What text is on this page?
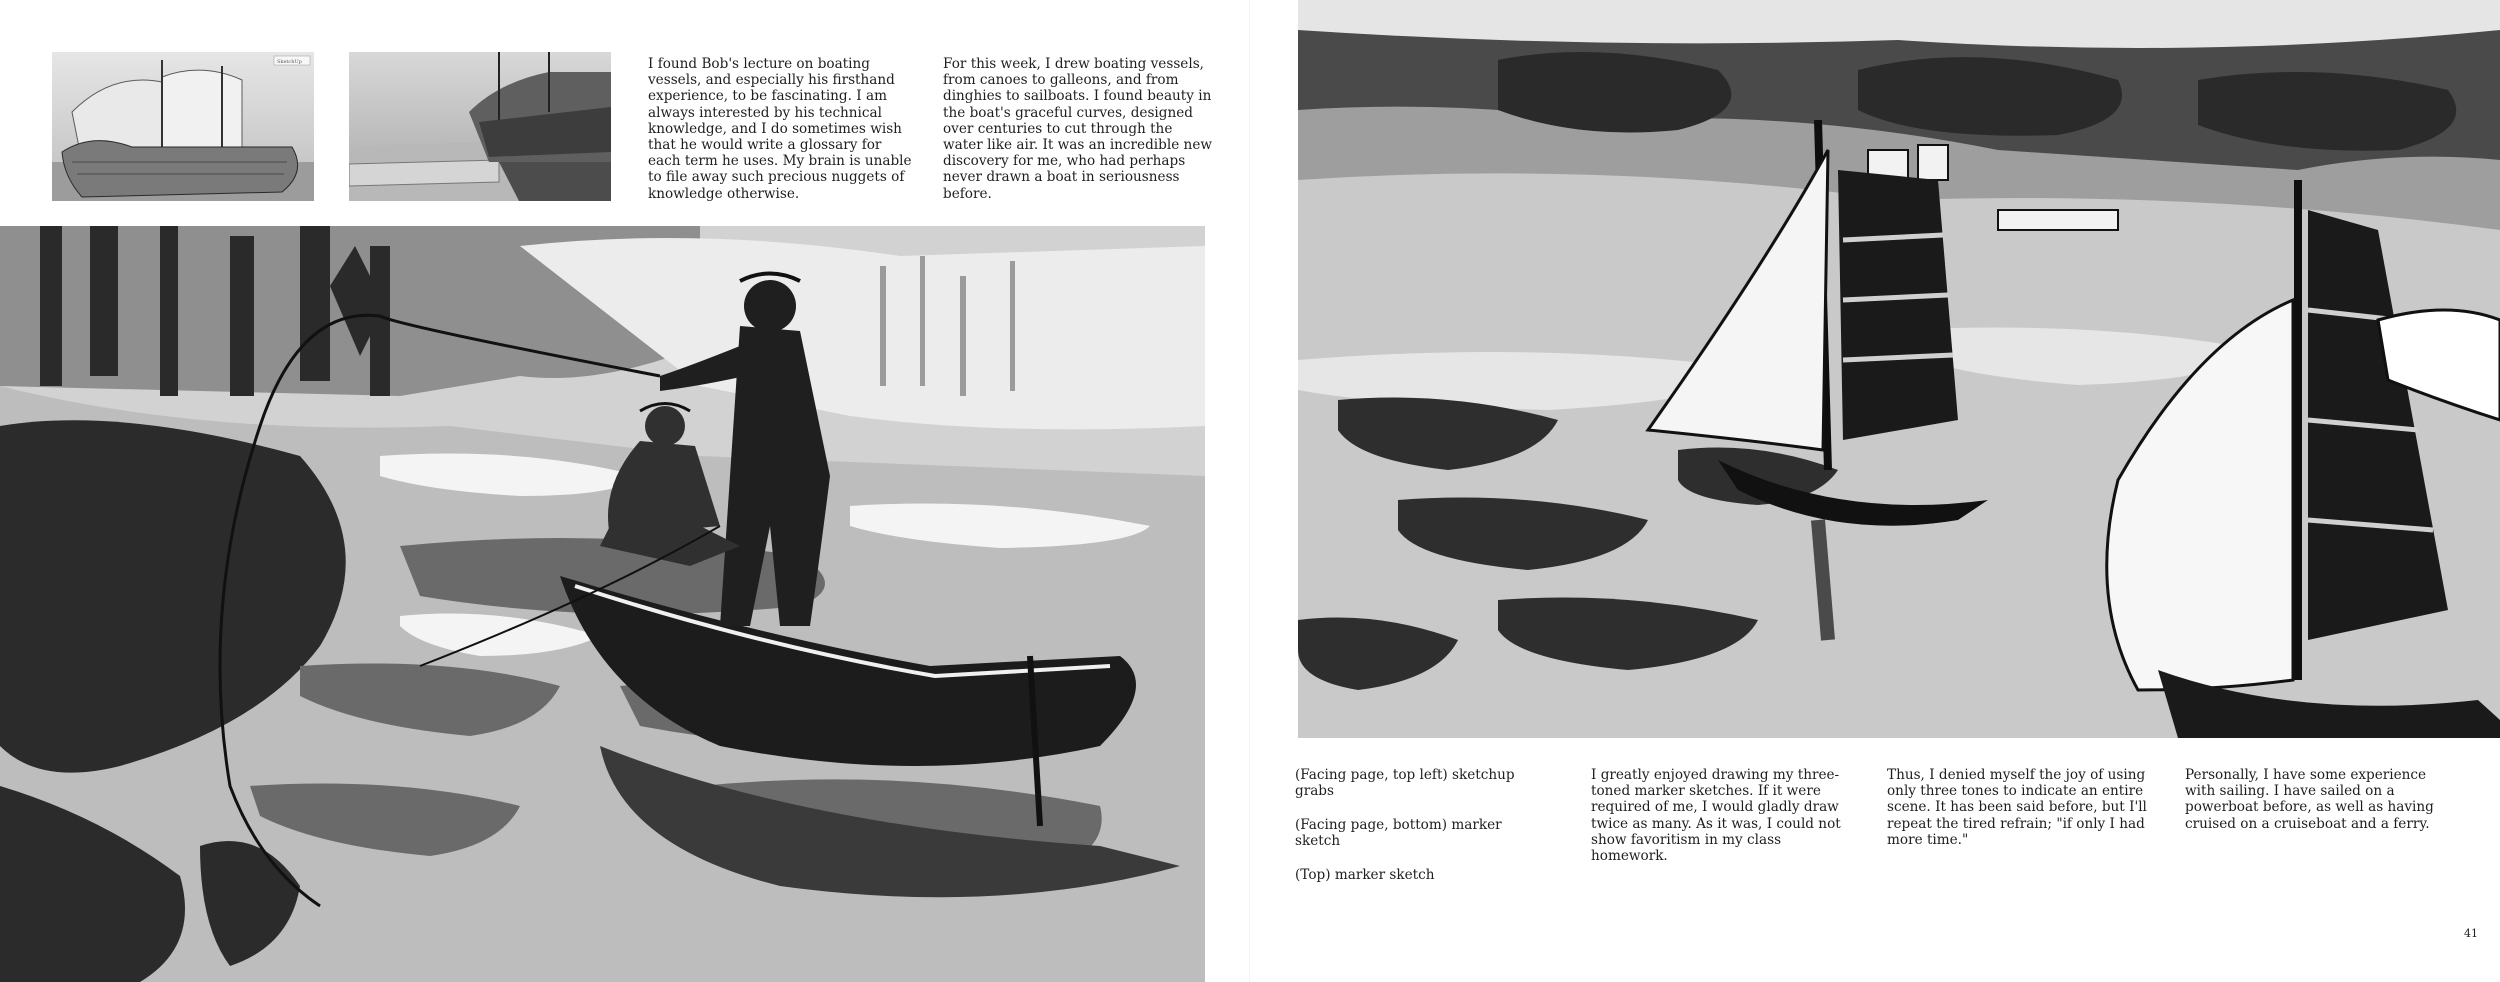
SketchUp	I found Bob's lecture on boating vessels, and especially his firsthand experience, to be fascinating. I am always interested by his technical knowledge, and I do sometimes wish that he would write a glossary for each term he uses. My brain is unable to file away such precious nuggets of knowledge otherwise.

For this week, I drew boating vessels, from canoes to galleons, and from dinghies to sailboats. I found beauty in the boat's graceful curves, designed over centuries to cut through the water like air. It was an incredible new discovery for me, who had perhaps never drawn a boat in seriousness before.

(Facing page, top left) sketchup grabs
(Facing page, bottom) marker sketch
(Top) marker sketch

I greatly enjoyed drawing my three-toned marker sketches. If it were required of me, I would gladly draw twice as many. As it was, I could not show favoritism in my class homework.

Thus, I denied myself the joy of using only three tones to indicate an entire scene. It has been said before, but I'll repeat the tired refrain; "if only I had more time."

Personally, I have some experience with sailing. I have sailed on a powerboat before, as well as having cruised on a cruiseboat and a ferry.

41
